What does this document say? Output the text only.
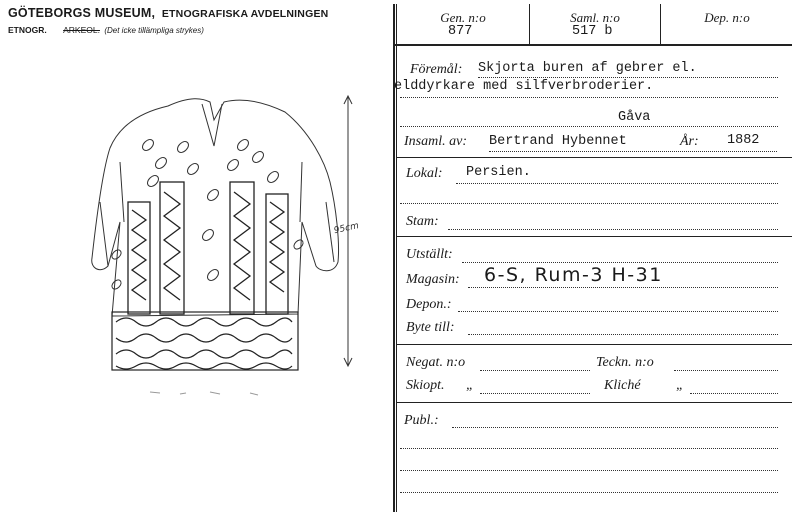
GÖTEBORGS MUSEUM, ETNOGRAFISKA AVDELNINGEN
ETNOGR. ARKEOL. (Det icke tillämpliga strykes)
95cm
Gen. n:o
877
Saml. n:o
517 b
Dep. n:o
Föremål: Skjorta buren af gebrer el.
elddyrkare med silfverbroderier.
Gåva
Insaml. av: Bertrand Hybennet	År: 1882
Lokal: Persien.
Stam:
Utställt:
Magasin: 6-S, Rum-3 H-31
Depon.:
Byte till:
Negat. n:o	Teckn. n:o
Skiopt. „	Kliché	„
Publ.:
